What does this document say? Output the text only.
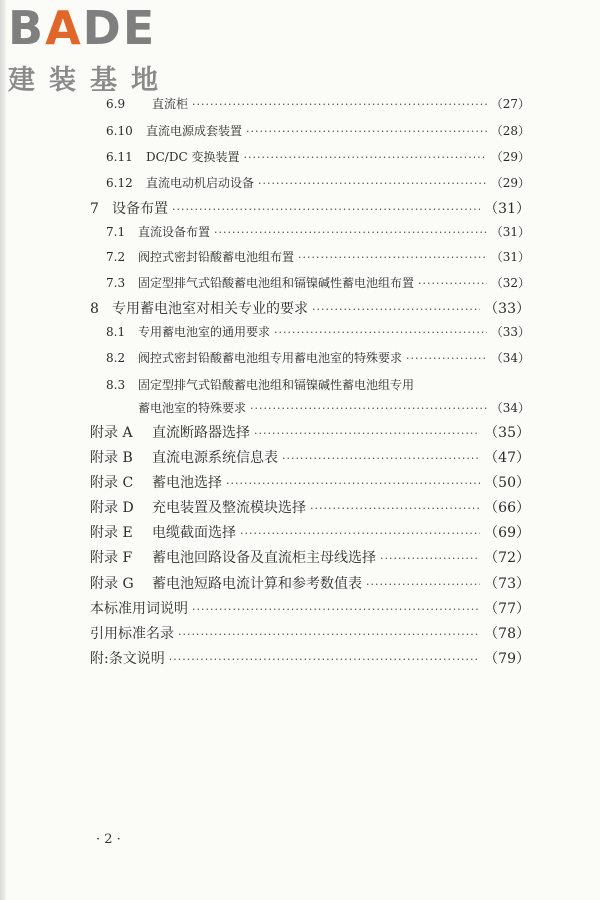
BADE
建装基地
6.9	直流柜 ·····	（27）
6.10	直流电源成套装置 ·····	（28）
6.11	DC/DC 变换装置 ·····	（29）
6.12	直流电动机启动设备 ·····	（29）
7 设备布置 ·····	（31）
7.1	直流设备布置 ·····	（31）
7.2	阀控式密封铅酸蓄电池组布置 ·····	（31）
7.3	固定型排气式铅酸蓄电池组和镉镍碱性蓄电池组布置 ·····	（32）
8 专用蓄电池室对相关专业的要求 ·····	（33）
8.1	专用蓄电池室的通用要求 ·····	（33）
8.2	阀控式密封铅酸蓄电池组专用蓄电池室的特殊要求 ·····	（34）
8.3	固定型排气式铅酸蓄电池组和镉镍碱性蓄电池组专用
蓄电池室的特殊要求 ·····	（34）
附录 A	直流断路器选择 ·····	（35）
附录 B	直流电源系统信息表 ·····	（47）
附录 C	蓄电池选择 ·····	（50）
附录 D	充电装置及整流模块选择 ·····	（66）
附录 E	电缆截面选择 ·····	（69）
附录 F	蓄电池回路设备及直流柜主母线选择 ·····	（72）
附录 G	蓄电池短路电流计算和参考数值表 ·····	（73）
本标准用词说明 ·····	（77）
引用标准名录 ·····	（78）
附:条文说明 ·····	（79）
· 2 ·
